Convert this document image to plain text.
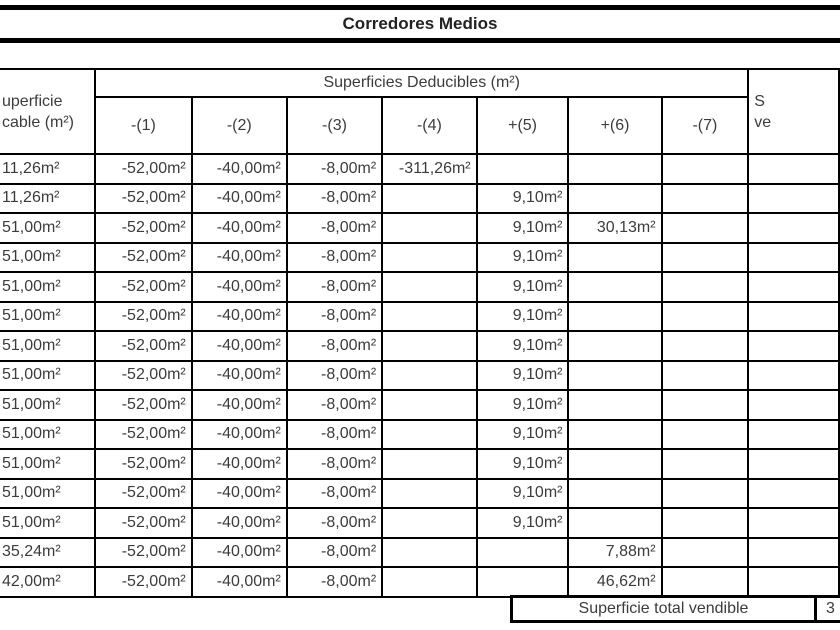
Corredores Medios
uperficie
cable (m²)
	Superficies Deducibles (m²)	
S
ve

	-(1)	-(2)	-(3)	-(4)	+(5)	+(6)	-(7)	
11,26m²	-52,00m²	-40,00m²	-8,00m²	-311,26m²				
11,26m²	-52,00m²	-40,00m²	-8,00m²		9,10m²			
51,00m²	-52,00m²	-40,00m²	-8,00m²		9,10m²	30,13m²		
51,00m²	-52,00m²	-40,00m²	-8,00m²		9,10m²			
51,00m²	-52,00m²	-40,00m²	-8,00m²		9,10m²			
51,00m²	-52,00m²	-40,00m²	-8,00m²		9,10m²			
51,00m²	-52,00m²	-40,00m²	-8,00m²		9,10m²			
51,00m²	-52,00m²	-40,00m²	-8,00m²		9,10m²			
51,00m²	-52,00m²	-40,00m²	-8,00m²		9,10m²			
51,00m²	-52,00m²	-40,00m²	-8,00m²		9,10m²			
51,00m²	-52,00m²	-40,00m²	-8,00m²		9,10m²			
51,00m²	-52,00m²	-40,00m²	-8,00m²		9,10m²			
51,00m²	-52,00m²	-40,00m²	-8,00m²		9,10m²			
35,24m²	-52,00m²	-40,00m²	-8,00m²			7,88m²		
42,00m²	-52,00m²	-40,00m²	-8,00m²			46,62m²		
Superficie total vendible	3
